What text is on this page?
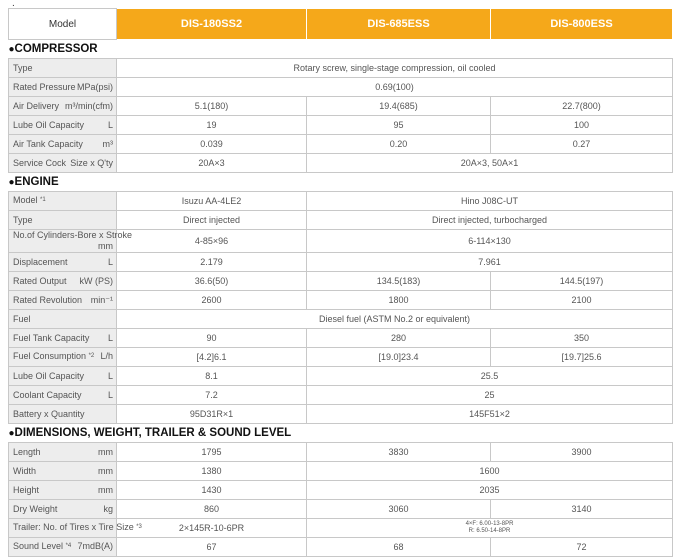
.
Model	DIS-180SS2	DIS-685ESS	DIS-800ESS
●COMPRESSOR			
Type	Rotary screw, single-stage compression, oil cooled		
Rated Pressure MPa(psi)	0.69(100)		
Air Delivery m³/min(cfm)	5.1(180)	19.4(685)	22.7(800)
Lube Oil Capacity L	19	95	100
Air Tank Capacity m³	0.039	0.20	0.27
Service Cock Size x Q'ty	20A×3	20A×3, 50A×1	
●ENGINE			
Model *1	Isuzu AA-4LE2	Hino J08C-UT	
Type	Direct injected	Direct injected, turbocharged	
No.of Cylinders-Bore x Stroke
mm	4-85×96	6-114×130	
Displacement L	2.179	7.961	
Rated Output kW (PS)	36.6(50)	134.5(183)	144.5(197)
Rated Revolution min⁻¹	2600	1800	2100
Fuel	Diesel fuel (ASTM No.2 or equivalent)		
Fuel Tank Capacity L	90	280	350
Fuel Consumption *2 L/h	[4.2]6.1	[19.0]23.4	[19.7]25.6
Lube Oil Capacity L	8.1	25.5	
Coolant Capacity L	7.2	25	
Battery x Quantity	95D31R×1	145F51×2	
●DIMENSIONS, WEIGHT, TRAILER & SOUND LEVEL			
Length mm	1795	3830	3900
Width mm	1380	1600	
Height mm	1430	2035	
Dry Weight kg	860	3060	3140
Trailer: No. of Tires x Tire Size *3	2×145R-10-6PR	4×F: 6.00-13-8PR
R: 6.50-14-8PR	

Sound Level *4 7mdB(A)	67	68	72
